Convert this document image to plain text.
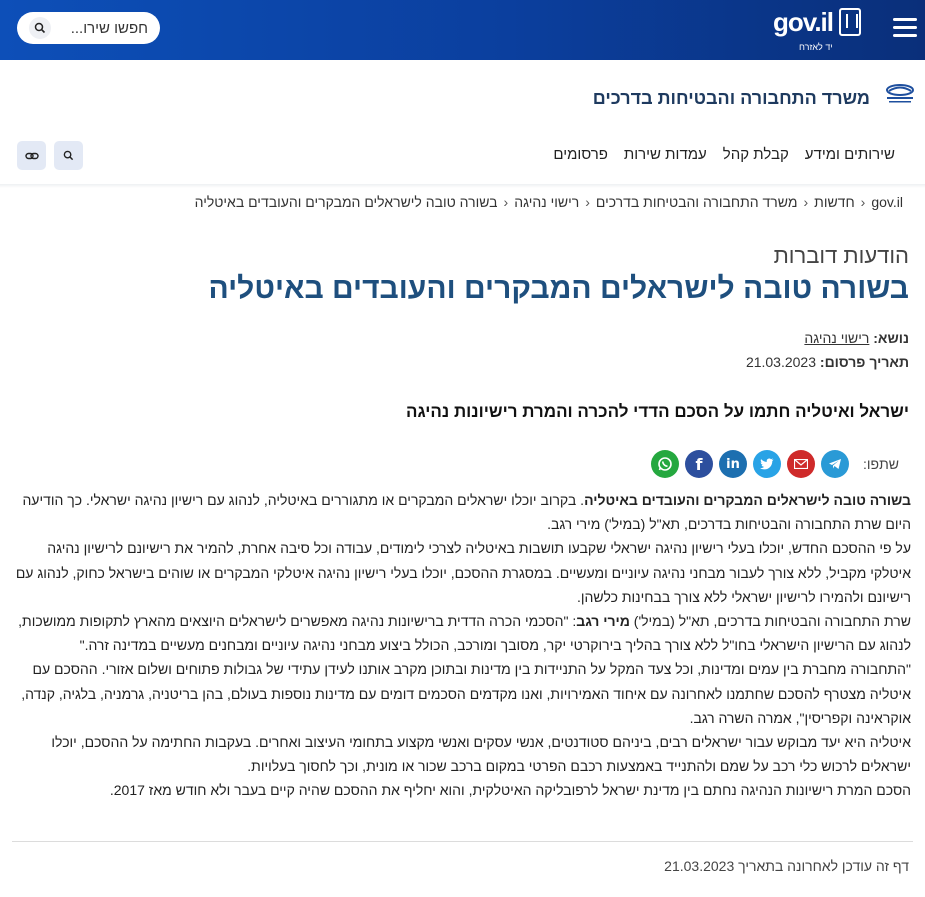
gov.il
יד לאזרח
חפשו שירו...
משרד התחבורה והבטיחות בדרכים
שירותים ומידע
קבלת קהל
עמדות שירות
פרסומים
gov.il‹חדשות‹משרד התחבורה והבטיחות בדרכים‹רישוי נהיגה‹בשורה טובה לישראלים המבקרים והעובדים באיטליה
הודעות דוברות
בשורה טובה לישראלים המבקרים והעובדים באיטליה
נושא: רישוי נהיגה
תאריך פרסום: 21.03.2023
ישראל ואיטליה חתמו על הסכם הדדי להכרה והמרת רישיונות נהיגה
שתפו:
in
f

בשורה טובה לישראלים המבקרים והעובדים באיטליה. בקרוב יוכלו ישראלים המבקרים או מתגוררים באיטליה, לנהוג עם רישיון נהיגה ישראלי. כך הודיעה היום שרת התחבורה והבטיחות בדרכים, תא"ל (במיל') מירי רגב.

על פי ההסכם החדש, יוכלו בעלי רישיון נהיגה ישראלי שקבעו תושבות באיטליה לצרכי לימודים, עבודה וכל סיבה אחרת, להמיר את רישיונם לרישיון נהיגה איטלקי מקביל, ללא צורך לעבור מבחני נהיגה עיוניים ומעשיים. במסגרת ההסכם, יוכלו בעלי רישיון נהיגה איטלקי המבקרים או שוהים בישראל כחוק, לנהוג עם רישיונם ולהמירו לרישיון ישראלי ללא צורך בבחינות כלשהן.

שרת התחבורה והבטיחות בדרכים, תא"ל (במיל') מירי רגב: "הסכמי הכרה הדדית ברישיונות נהיגה מאפשרים לישראלים היוצאים מהארץ לתקופות ממושכות, לנהוג עם הרישיון הישראלי בחו"ל ללא צורך בהליך בירוקרטי יקר, מסובך ומורכב, הכולל ביצוע מבחני נהיגה עיוניים ומבחנים מעשיים במדינה זרה."

"התחבורה מחברת בין עמים ומדינות, וכל צעד המקל על התניידות בין מדינות ובתוכן מקרב אותנו לעידן עתידי של גבולות פתוחים ושלום אזורי. ההסכם עם איטליה מצטרף להסכם שחתמנו לאחרונה עם איחוד האמירויות, ואנו מקדמים הסכמים דומים עם מדינות נוספות בעולם, בהן בריטניה, גרמניה, בלגיה, קנדה, אוקראינה וקפריסין", אמרה השרה רגב.

איטליה היא יעד מבוקש עבור ישראלים רבים, ביניהם סטודנטים, אנשי עסקים ואנשי מקצוע בתחומי העיצוב ואחרים. בעקבות החתימה על ההסכם, יוכלו ישראלים לרכוש כלי רכב על שמם ולהתנייד באמצעות רכבם הפרטי במקום ברכב שכור או מונית, וכך לחסוך בעלויות.

הסכם המרת רישיונות הנהיגה נחתם בין מדינת ישראל לרפובליקה האיטלקית, והוא יחליף את ההסכם שהיה קיים בעבר ולא חודש מאז 2017.

דף זה עודכן לאחרונה בתאריך 21.03.2023
